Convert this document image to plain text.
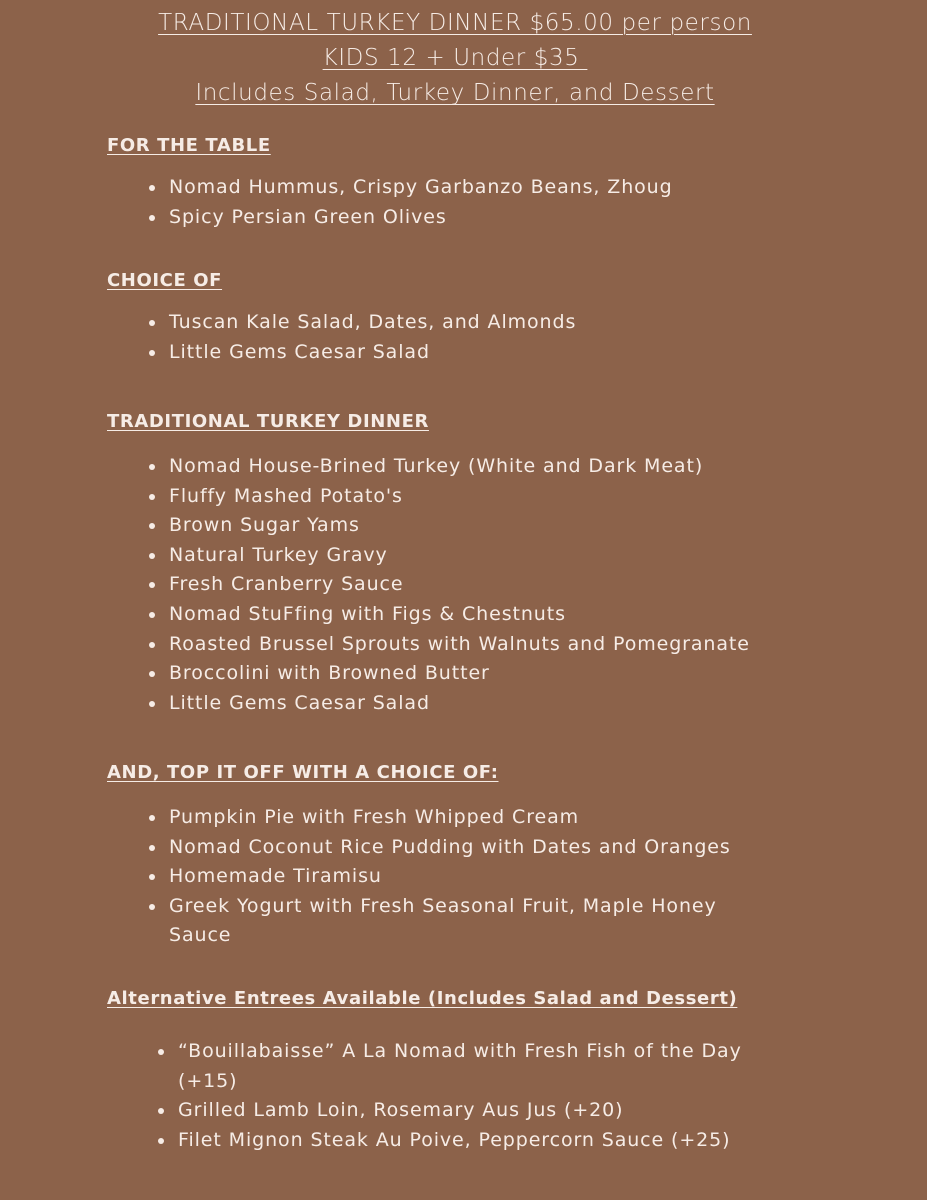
TRADITIONAL TURKEY DINNER $65.00 per person
KIDS 12 + Under $35
Includes Salad, Turkey Dinner, and Dessert
FOR THE TABLE
Nomad Hummus, Crispy Garbanzo Beans, Zhoug
Spicy Persian Green Olives
CHOICE OF
Tuscan Kale Salad, Dates, and Almonds
Little Gems Caesar Salad
TRADITIONAL TURKEY DINNER
Nomad House-Brined Turkey (White and Dark Meat)
Fluffy Mashed Potato's
Brown Sugar Yams
Natural Turkey Gravy
Fresh Cranberry Sauce
Nomad StuFfing with Figs & Chestnuts
Roasted Brussel Sprouts with Walnuts and Pomegranate
Broccolini with Browned Butter
Little Gems Caesar Salad
AND, TOP IT OFF WITH A CHOICE OF:
Pumpkin Pie with Fresh Whipped Cream
Nomad Coconut Rice Pudding with Dates and Oranges
Homemade Tiramisu
Greek Yogurt with Fresh Seasonal Fruit, Maple Honey Sauce
Alternative Entrees Available (Includes Salad and Dessert)
“Bouillabaisse” A La Nomad with Fresh Fish of the Day (+15)
Grilled Lamb Loin, Rosemary Aus Jus (+20)
Filet Mignon Steak Au Poive, Peppercorn Sauce (+25)
